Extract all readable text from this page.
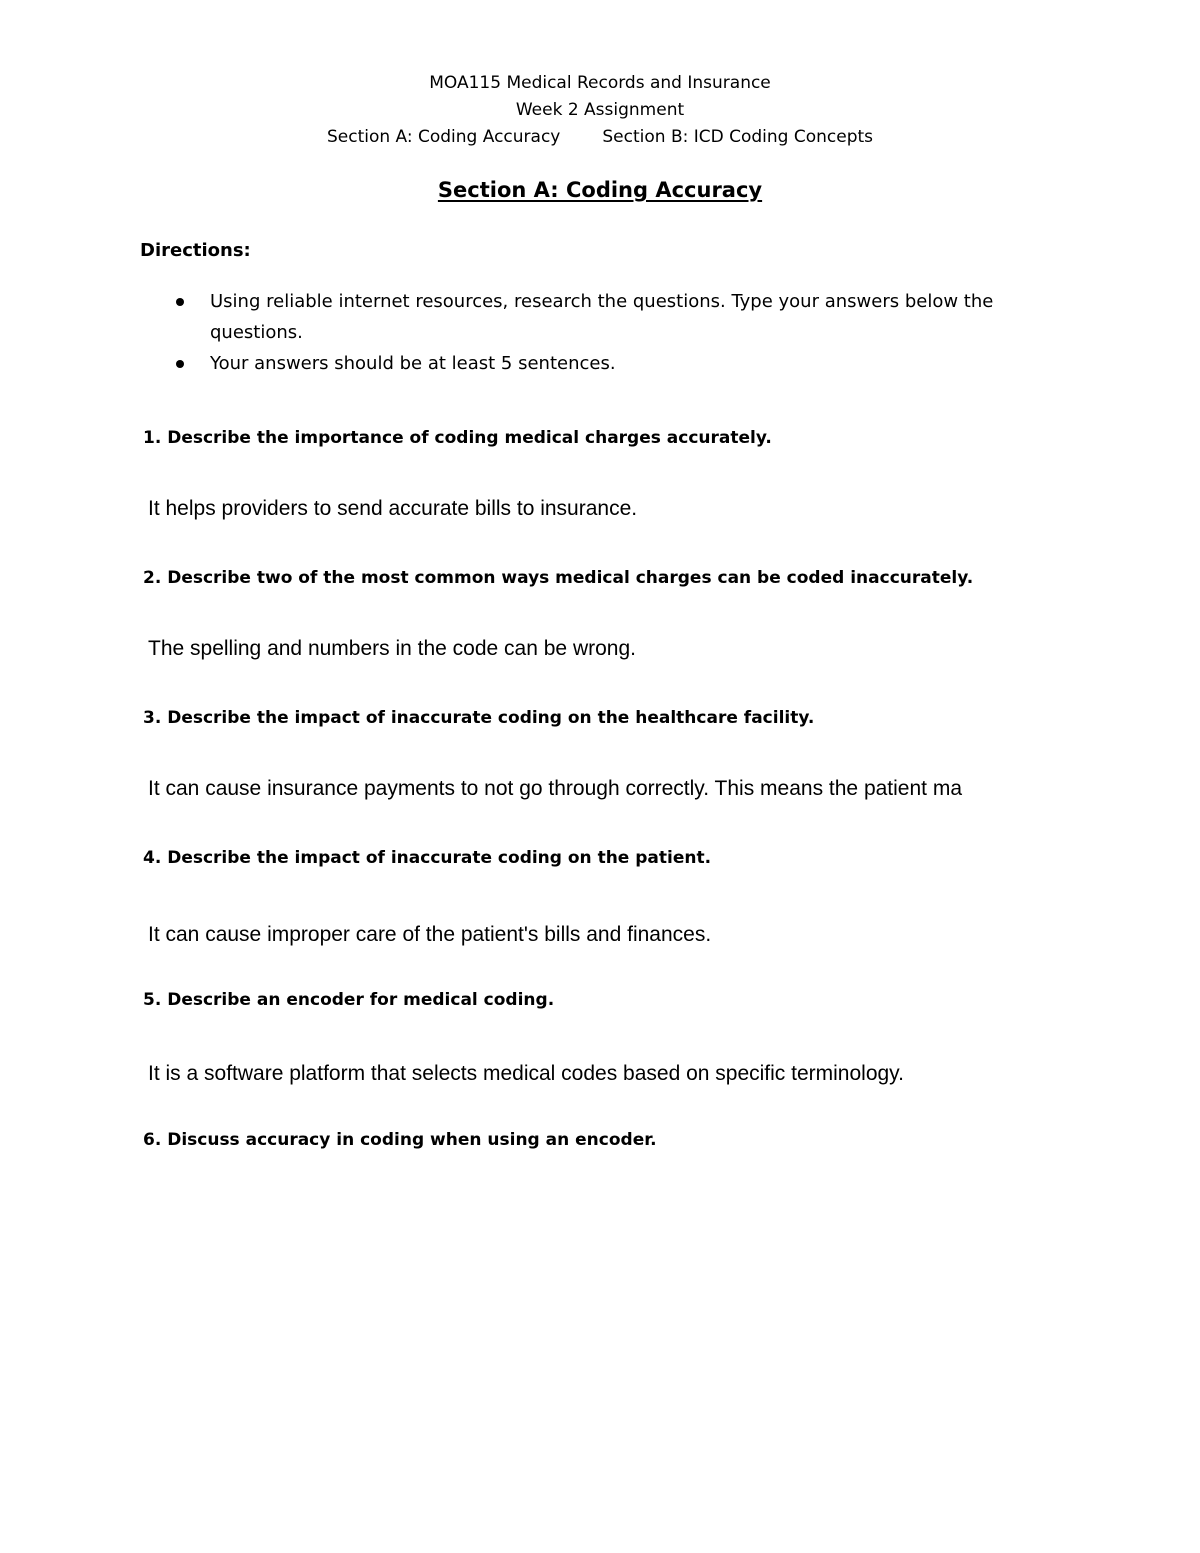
MOA115 Medical Records and Insurance
Week 2 Assignment
Section A: Coding Accuracy Section B: ICD Coding Concepts
Section A: Coding Accuracy
Directions:
Using reliable internet resources, research the questions. Type your answers below the questions.
Your answers should be at least 5 sentences.
1. Describe the importance of coding medical charges accurately.
It helps providers to send accurate bills to insurance.
2. Describe two of the most common ways medical charges can be coded inaccurately.
The spelling and numbers in the code can be wrong.
3. Describe the impact of inaccurate coding on the healthcare facility.
It can cause insurance payments to not go through correctly. This means the patient ma
4. Describe the impact of inaccurate coding on the patient.
It can cause improper care of the patient's bills and finances.
5. Describe an encoder for medical coding.
It is a software platform that selects medical codes based on specific terminology.
6. Discuss accuracy in coding when using an encoder.
